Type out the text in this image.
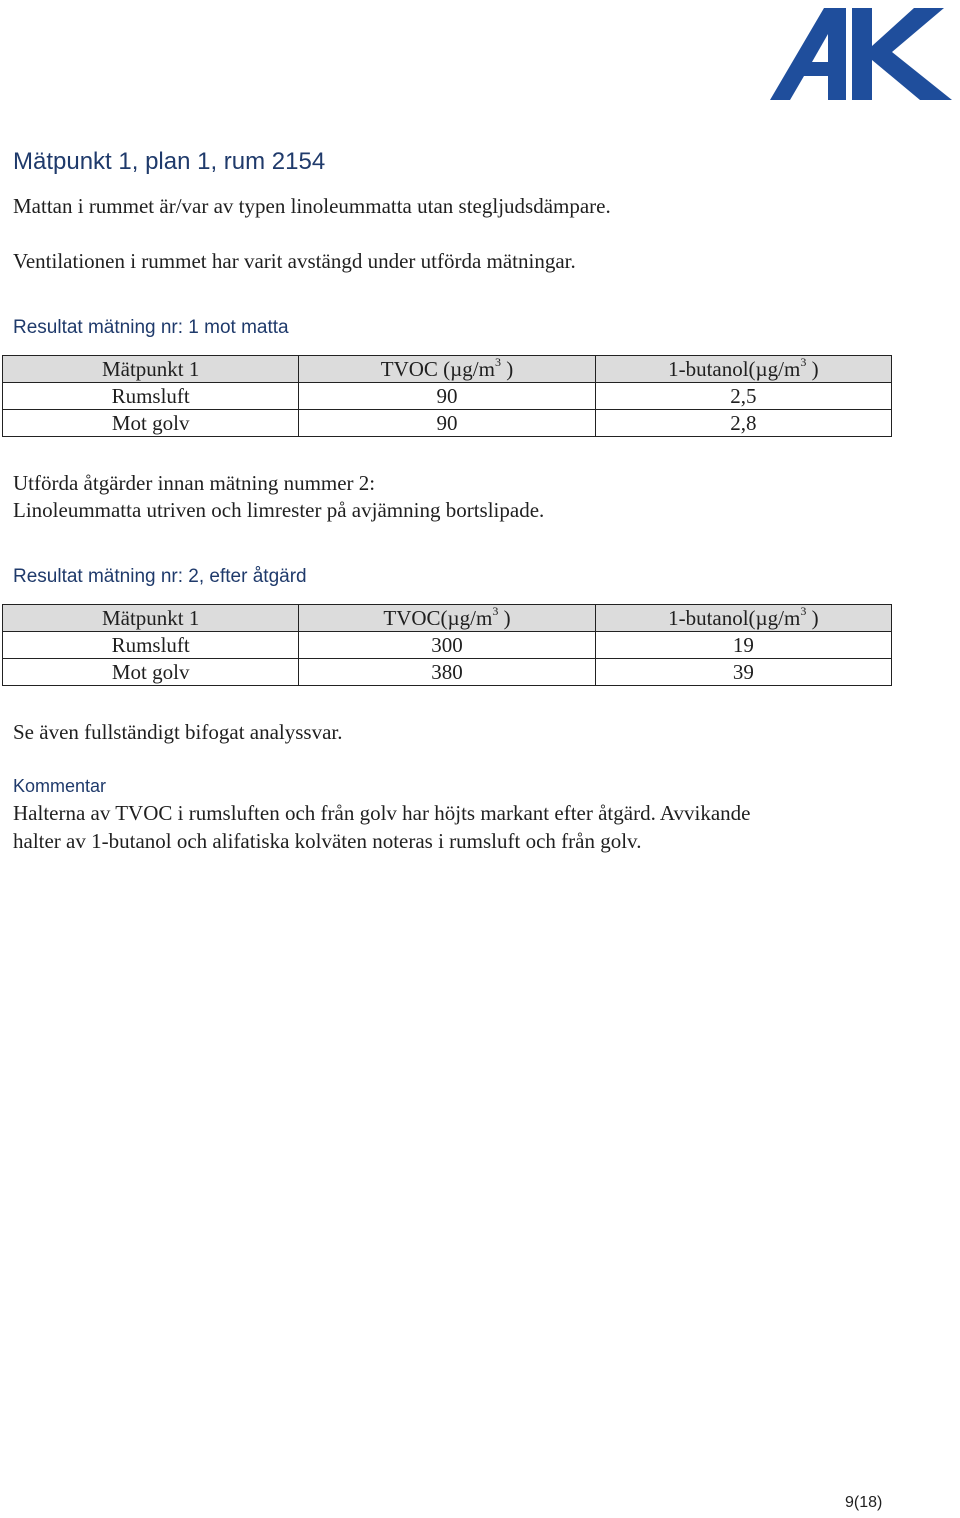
Mätpunkt 1, plan 1, rum 2154
Mattan i rummet är/var av typen linoleummatta utan stegljudsdämpare.
Ventilationen i rummet har varit avstängd under utförda mätningar.
Resultat mätning nr: 1 mot matta
Mätpunkt 1	TVOC ($\mu g/m^3$ )	$1-butanol(\mu g/m^3$ )
Rumsluft	90	2,5
Mot golv	90	2,8
Utförda åtgärder innan mätning nummer 2:
Linoleummatta utriven och limrester på avjämning bortslipade.
Resultat mätning nr: 2, efter åtgärd
Mätpunkt 1	$TVOC(\mu g/m^3$ )	$1-butanol(\mu g/m^3$ )
Rumsluft	300	19
Mot golv	380	39
Se även fullständigt bifogat analyssvar.
Kommentar
Halterna av TVOC i rumsluften och från golv har höjts markant efter åtgärd. Avvikande
halter av 1-butanol och alifatiska kolväten noteras i rumsluft och från golv.
9(18)
